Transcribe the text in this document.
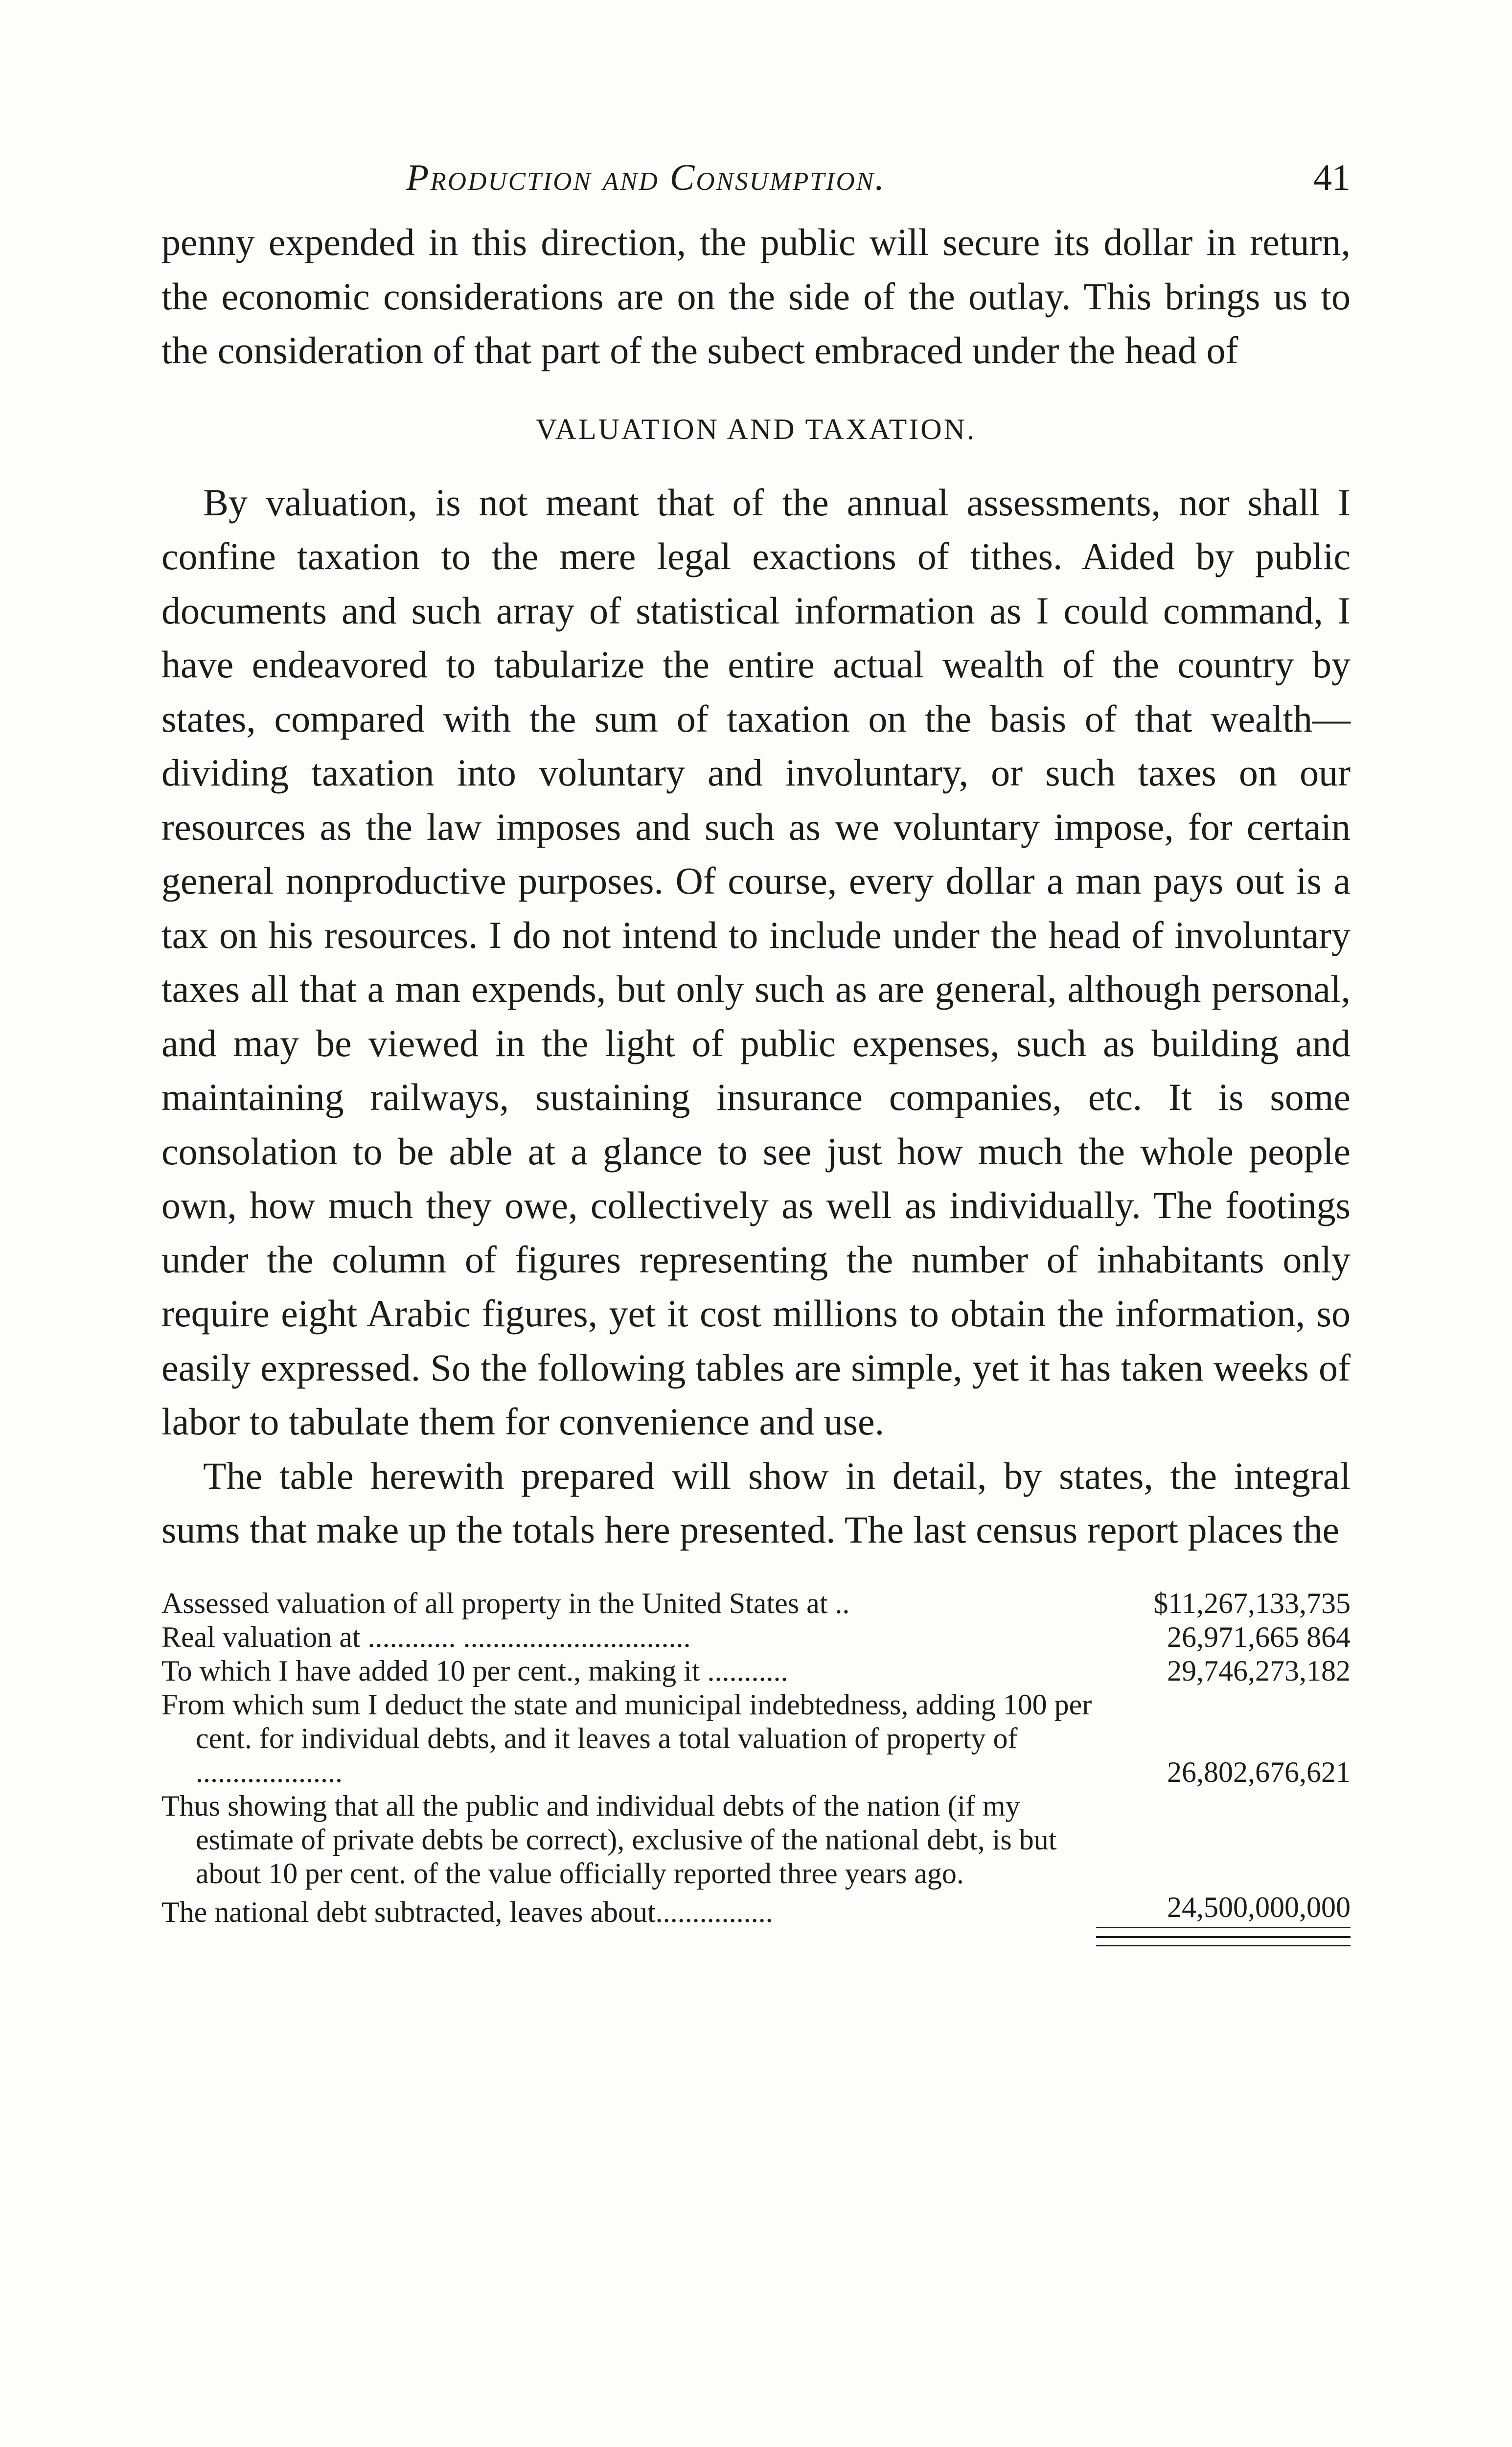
Production and Consumption.	41

penny expended in this direction, the public will secure its dollar in return, the economic considerations are on the side of the outlay. This brings us to the consideration of that part of the subect embraced under the head of

VALUATION AND TAXATION.

By valuation, is not meant that of the annual assessments, nor shall I confine taxation to the mere legal exactions of tithes. Aided by public documents and such array of statistical information as I could command, I have endeavored to tabularize the entire actual wealth of the country by states, compared with the sum of taxation on the basis of that wealth—dividing taxation into voluntary and involuntary, or such taxes on our resources as the law imposes and such as we voluntary impose, for certain general nonproductive purposes. Of course, every dollar a man pays out is a tax on his resources. I do not intend to include under the head of involuntary taxes all that a man expends, but only such as are general, although personal, and may be viewed in the light of public expenses, such as building and maintaining railways, sustaining insurance companies, etc. It is some consolation to be able at a glance to see just how much the whole people own, how much they owe, collectively as well as individually. The footings under the column of figures representing the number of inhabitants only require eight Arabic figures, yet it cost millions to obtain the information, so easily expressed. So the following tables are simple, yet it has taken weeks of labor to tabulate them for convenience and use.

The table herewith prepared will show in detail, by states, the integral sums that make up the totals here presented. The last census report places the

Assessed valuation of all property in the United States at ..	$11,267,133,735
Real valuation at ............ ...............................	26,971,665 864
To which I have added 10 per cent., making it ...........	29,746,273,182
From which sum I deduct the state and municipal indebtedness, adding 100 per cent. for individual debts, and it leaves a total valuation of property of ....................	26,802,676,621
Thus showing that all the public and individual debts of the nation (if my estimate of private debts be correct), exclusive of the national debt, is but about 10 per cent. of the value officially reported three years ago.
The national debt subtracted, leaves about................	24,500,000,000
